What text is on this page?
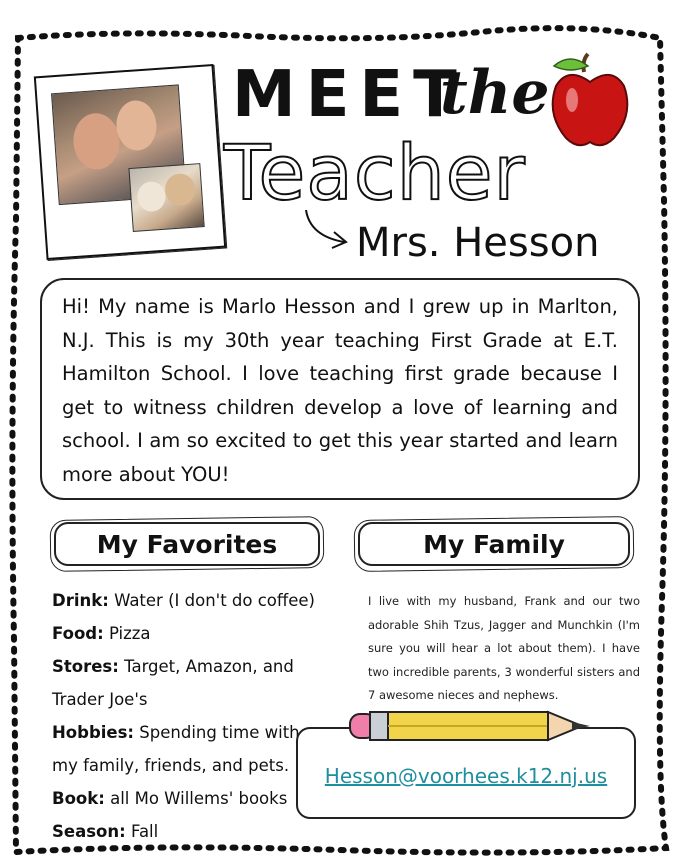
MEET
the
Teacher
Mrs. Hesson

Hi! My name is Marlo Hesson and I grew up in Marlton, N.J. This is my 30th year teaching First Grade at E.T. Hamilton School. I love teaching first grade because I get to witness children develop a love of learning and school. I am so excited to get this year started and learn more about YOU!

My Favorites	My Family
Drink: Water (I don't do coffee)
Food: Pizza
Stores: Target, Amazon, and Trader Joe's
Hobbies: Spending time with my family, friends, and pets.
Book: all Mo Willems' books
Season: Fall

I live with my husband, Frank and our two adorable Shih Tzus, Jagger and Munchkin (I'm sure you will hear a lot about them). I have two incredible parents, 3 wonderful sisters and 7 awesome nieces and nephews.

Hesson@voorhees.k12.nj.us
